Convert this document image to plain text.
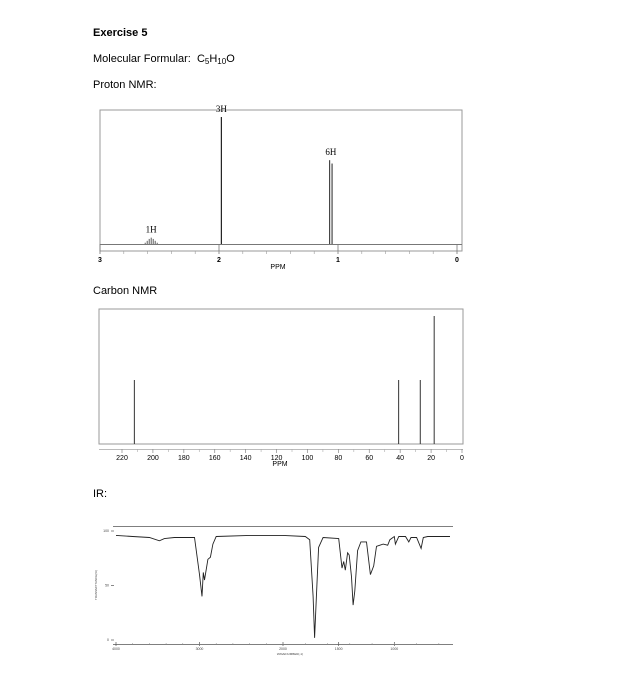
Exercise 5
Molecular Formular: $C_5H_{10}O$
Proton NMR:
Carbon NMR
IR:
1H
3H
6H
3	2	1	0
PPM
220	200	180	160	140	120	100	80	60	40	20	0
PPM
100
50
0
4000	3000	2000	1500	1000
WAVENUMBER(-1)
TRANSMITTANCE(%)
